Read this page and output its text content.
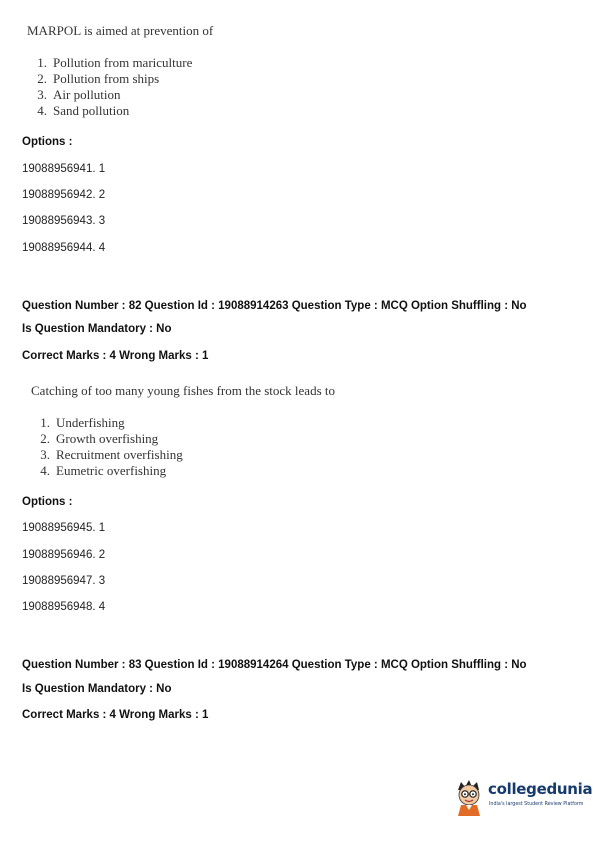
MARPOL is aimed at prevention of

1. Pollution from mariculture
2. Pollution from ships
3. Air pollution
4. Sand pollution

Options :

19088956941. 1

19088956942. 2

19088956943. 3

19088956944. 4

Question Number : 82 Question Id : 19088914263 Question Type : MCQ Option Shuffling : No

Is Question Mandatory : No

Correct Marks : 4 Wrong Marks : 1

Catching of too many young fishes from the stock leads to

1. Underfishing
2. Growth overfishing
3. Recruitment overfishing
4. Eumetric overfishing

Options :

19088956945. 1

19088956946. 2

19088956947. 3

19088956948. 4

Question Number : 83 Question Id : 19088914264 Question Type : MCQ Option Shuffling : No

Is Question Mandatory : No

Correct Marks : 4 Wrong Marks : 1

collegedunia
India's largest Student Review Platform
